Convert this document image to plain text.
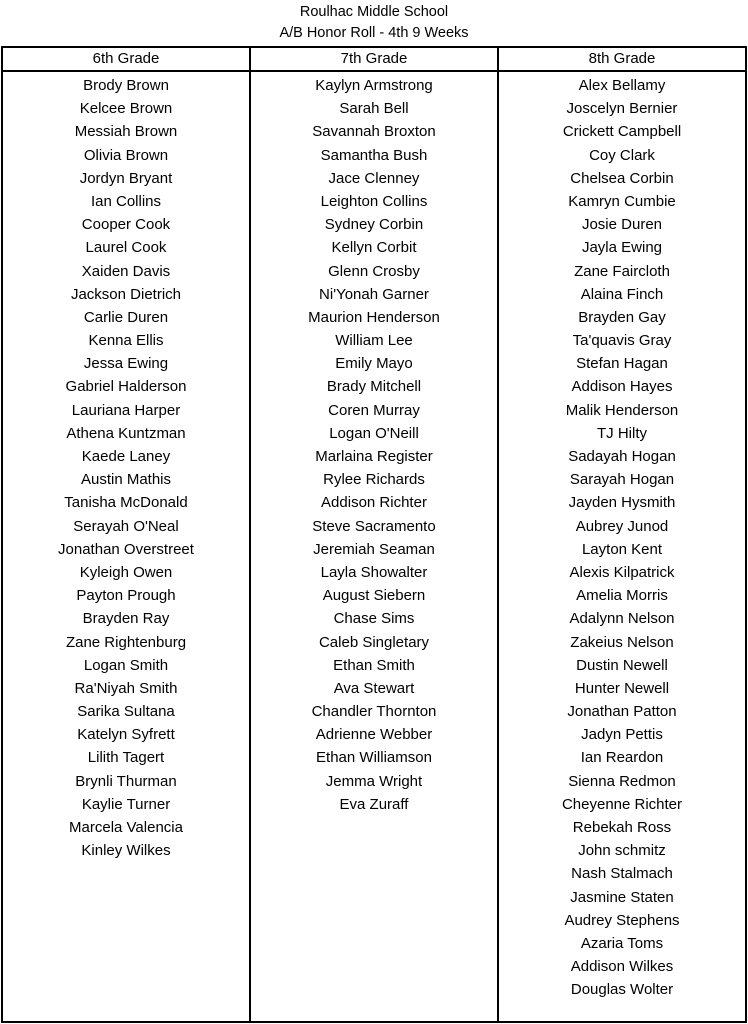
Roulhac Middle School
A/B Honor Roll - 4th 9 Weeks
6th Grade
Brody Brown
Kelcee Brown
Messiah Brown
Olivia Brown
Jordyn Bryant
Ian Collins
Cooper Cook
Laurel Cook
Xaiden Davis
Jackson Dietrich
Carlie Duren
Kenna Ellis
Jessa Ewing
Gabriel Halderson
Lauriana Harper
Athena Kuntzman
Kaede Laney
Austin Mathis
Tanisha McDonald
Serayah O'Neal
Jonathan Overstreet
Kyleigh Owen
Payton Prough
Brayden Ray
Zane Rightenburg
Logan Smith
Ra'Niyah Smith
Sarika Sultana
Katelyn Syfrett
Lilith Tagert
Brynli Thurman
Kaylie Turner
Marcela Valencia
Kinley Wilkes
7th Grade
Kaylyn Armstrong
Sarah Bell
Savannah Broxton
Samantha Bush
Jace Clenney
Leighton Collins
Sydney Corbin
Kellyn Corbit
Glenn Crosby
Ni'Yonah Garner
Maurion Henderson
William Lee
Emily Mayo
Brady Mitchell
Coren Murray
Logan O'Neill
Marlaina Register
Rylee Richards
Addison Richter
Steve Sacramento
Jeremiah Seaman
Layla Showalter
August Siebern
Chase Sims
Caleb Singletary
Ethan Smith
Ava Stewart
Chandler Thornton
Adrienne Webber
Ethan Williamson
Jemma Wright
Eva Zuraff
8th Grade
Alex Bellamy
Joscelyn Bernier
Crickett Campbell
Coy Clark
Chelsea Corbin
Kamryn Cumbie
Josie Duren
Jayla Ewing
Zane Faircloth
Alaina Finch
Brayden Gay
Ta'quavis Gray
Stefan Hagan
Addison Hayes
Malik Henderson
TJ Hilty
Sadayah Hogan
Sarayah Hogan
Jayden Hysmith
Aubrey Junod
Layton Kent
Alexis Kilpatrick
Amelia Morris
Adalynn Nelson
Zakeius Nelson
Dustin Newell
Hunter Newell
Jonathan Patton
Jadyn Pettis
Ian Reardon
Sienna Redmon
Cheyenne Richter
Rebekah Ross
John schmitz
Nash Stalmach
Jasmine Staten
Audrey Stephens
Azaria Toms
Addison Wilkes
Douglas Wolter
